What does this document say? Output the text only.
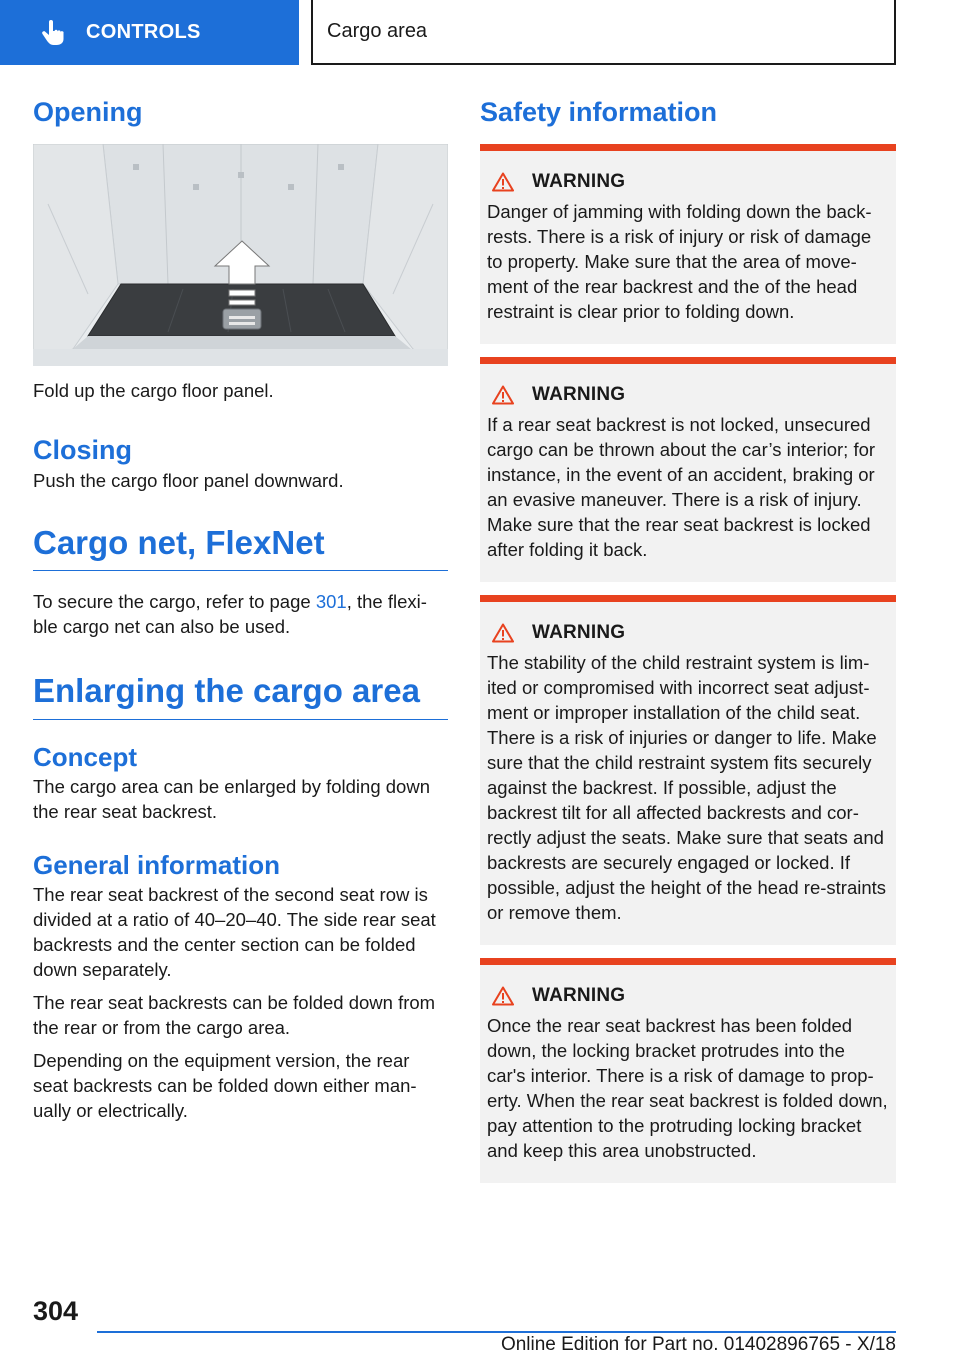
CONTROLS	Cargo area
Opening
Fold up the cargo floor panel.
Closing
Push the cargo floor panel downward.
Cargo net, FlexNet
To secure the cargo, refer to page 301, the flexi-ble cargo net can also be used.
Enlarging the cargo area
Concept
The cargo area can be enlarged by folding down the rear seat backrest.
General information
The rear seat backrest of the second seat row is divided at a ratio of 40–20–40. The side rear seat backrests and the center section can be folded down separately.
The rear seat backrests can be folded down from the rear or from the cargo area.
Depending on the equipment version, the rear seat backrests can be folded down either man-ually or electrically.
Safety information
WARNING
Danger of jamming with folding down the back-rests. There is a risk of injury or risk of damage to property. Make sure that the area of move-ment of the rear backrest and the of the head restraint is clear prior to folding down.
WARNING
If a rear seat backrest is not locked, unsecured cargo can be thrown about the car’s interior; for instance, in the event of an accident, braking or an evasive maneuver. There is a risk of injury. Make sure that the rear seat backrest is locked after folding it back.
WARNING
The stability of the child restraint system is lim-ited or compromised with incorrect seat adjust-ment or improper installation of the child seat. There is a risk of injuries or danger to life. Make sure that the child restraint system fits securely against the backrest. If possible, adjust the backrest tilt for all affected backrests and cor-rectly adjust the seats. Make sure that seats and backrests are securely engaged or locked. If possible, adjust the height of the head re-straints or remove them.
WARNING
Once the rear seat backrest has been folded down, the locking bracket protrudes into the car's interior. There is a risk of damage to prop-erty. When the rear seat backrest is folded down, pay attention to the protruding locking bracket and keep this area unobstructed.
304
Online Edition for Part no. 01402896765 - X/18
